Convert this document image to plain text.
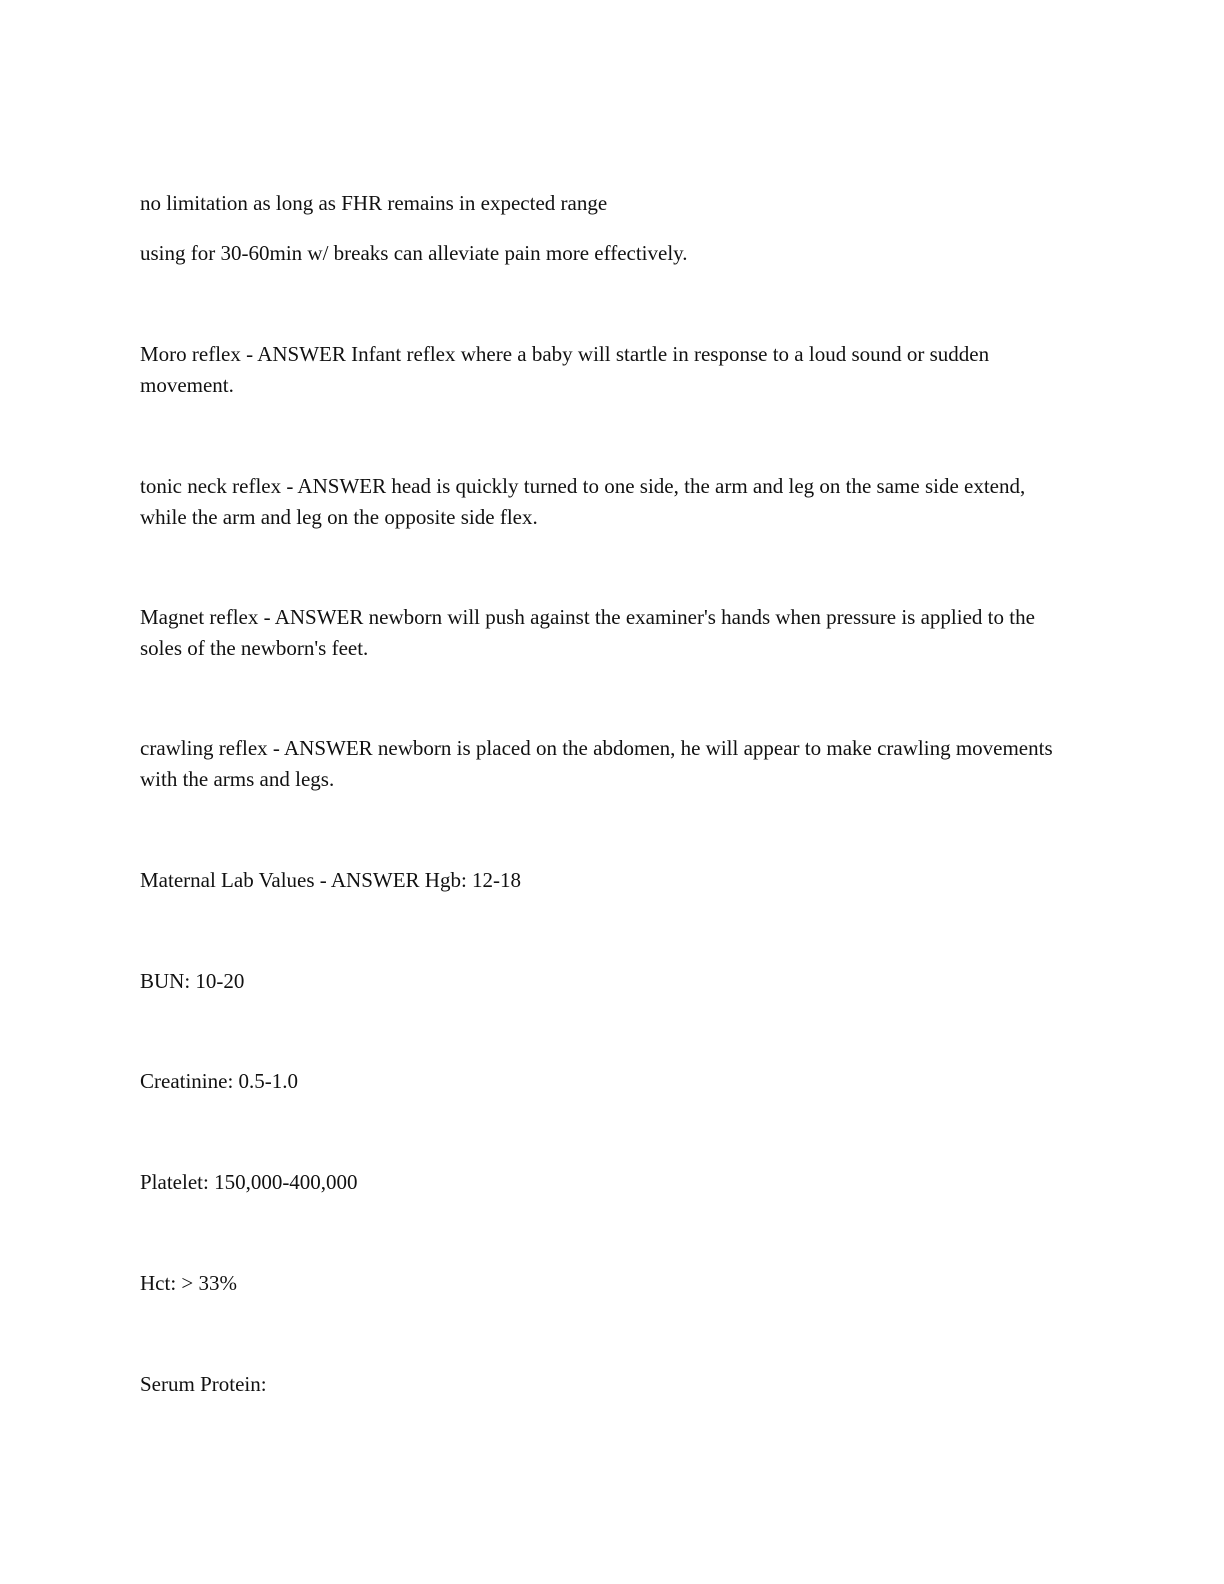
no limitation as long as FHR remains in expected range
using for 30-60min w/ breaks can alleviate pain more effectively.
Moro reflex - ANSWER Infant reflex where a baby will startle in response to a loud sound or sudden movement.
tonic neck reflex - ANSWER head is quickly turned to one side, the arm and leg on the same side extend, while the arm and leg on the opposite side flex.
Magnet reflex - ANSWER newborn will push against the examiner's hands when pressure is applied to the soles of the newborn's feet.
crawling reflex - ANSWER newborn is placed on the abdomen, he will appear to make crawling movements with the arms and legs.
Maternal Lab Values - ANSWER Hgb: 12-18
BUN: 10-20
Creatinine: 0.5-1.0
Platelet: 150,000-400,000
Hct: > 33%
Serum Protein:
